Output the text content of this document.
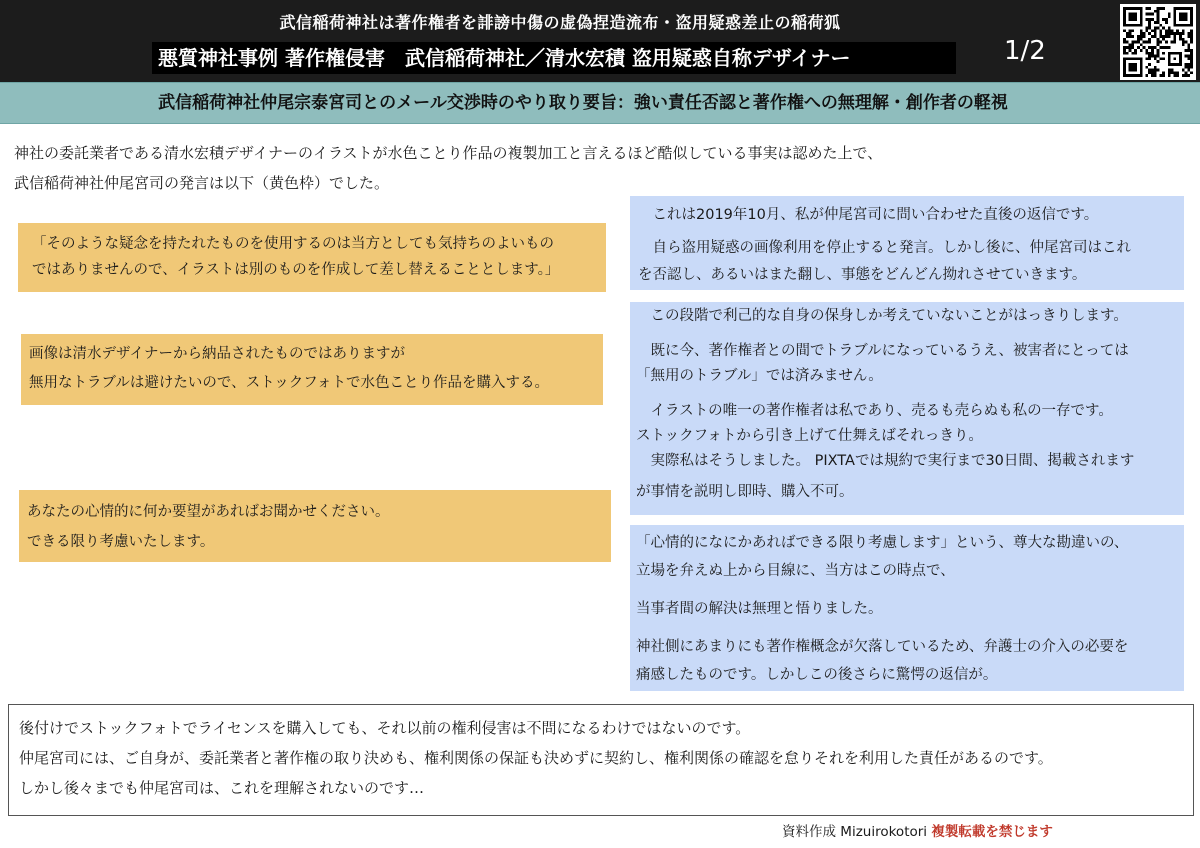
武信稲荷神社は著作権者を誹謗中傷の虚偽捏造流布・盗用疑惑差止の稲荷狐
悪質神社事例 著作権侵害　武信稲荷神社／清水宏積 盗用疑惑自称デザイナー	1/2
武信稲荷神社仲尾宗泰宮司とのメール交渉時のやり取り要旨：強い責任否認と著作権への無理解・創作者の軽視

神社の委託業者である清水宏積デザイナーのイラストが水色ことり作品の複製加工と言えるほど酷似している事実は認めた上で、

武信稲荷神社仲尾宮司の発言は以下（黄色枠）でした。

「そのような疑念を持たれたものを使用するのは当方としても気持ちのよいもの

ではありませんので、イラストは別のものを作成して差し替えることとします。」

画像は清水デザイナーから納品されたものではありますが

無用なトラブルは避けたいので、ストックフォトで水色ことり作品を購入する。

あなたの心情的に何か要望があればお聞かせください。

できる限り考慮いたします。

　これは2019年10月、私が仲尾宮司に問い合わせた直後の返信です。

　自ら盗用疑惑の画像利用を停止すると発言。しかし後に、仲尾宮司はこれ

を否認し、あるいはまた翻し、事態をどんどん拗れさせていきます。

　この段階で利己的な自身の保身しか考えていないことがはっきりします。

　既に今、著作権者との間でトラブルになっているうえ、被害者にとっては

「無用のトラブル」では済みません。

　イラストの唯一の著作権者は私であり、売るも売らぬも私の一存です。

ストックフォトから引き上げて仕舞えばそれっきり。

　実際私はそうしました。 PIXTAでは規約で実行まで30日間、掲載されます

が事情を説明し即時、購入不可。

「心情的になにかあればできる限り考慮します」という、尊大な勘違いの、

立場を弁えぬ上から目線に、当方はこの時点で、

当事者間の解決は無理と悟りました。

神社側にあまりにも著作権概念が欠落しているため、弁護士の介入の必要を

痛感したものです。しかしこの後さらに驚愕の返信が。

後付けでストックフォトでライセンスを購入しても、それ以前の権利侵害は不問になるわけではないのです。

仲尾宮司には、ご自身が、委託業者と著作権の取り決めも、権利関係の保証も決めずに契約し、権利関係の確認を怠りそれを利用した責任があるのです。

しかし後々までも仲尾宮司は、これを理解されないのです…

資料作成 Mizuirokotori 複製転載を禁じます
